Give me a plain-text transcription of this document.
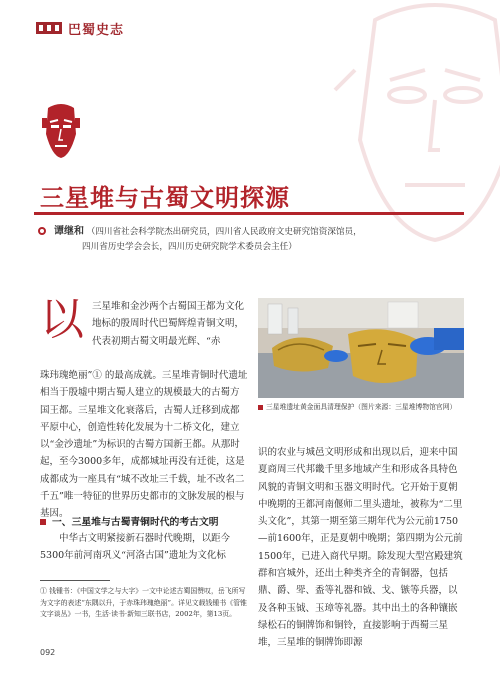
巴蜀史志
三星堆与古蜀文明探源
谭继和 （四川省社会科学院杰出研究员，四川省人民政府文史研究馆资深馆员，
四川省历史学会会长，四川历史研究院学术委员会主任）
三星堆遗址黄金面具清理保护（图片来源：三星堆博物馆官网）
以 三星堆和金沙两个古蜀国王都为文化地标的殷周时代巴蜀辉煌青铜文明，代表初期古蜀文明最光辉、“赤

珠玮瑰绝丽”① 的最高成就。三星堆青铜时代遗址相当于殷墟中期古蜀人建立的规模最大的古蜀方国王都。三星堆文化衰落后，古蜀人迁移到成都平原中心，创造性转化发展为十二桥文化，建立以“金沙遗址”为标识的古蜀方国新王都。从那时起，至今3000多年，成都城址再没有迁徙，这是成都成为一座具有“城不改址三千载，址不改名二千五”唯一特征的世界历史都市的文脉发展的根与基因。

一、三星堆与古蜀青铜时代的考古文明

中华古文明紧接新石器时代晚期，以距今5300年前河南巩义“河洛古国”遗址为文化标

识的农业与城邑文明形成和出现以后，迎来中国夏商周三代邦畿千里多地域产生和形成各具特色风貌的青铜文明和玉器文明时代。它开始于夏朝中晚期的王都河南偃师二里头遗址，被称为“二里头文化”，其第一期至第三期年代为公元前1750—前1600年，正是夏朝中晚期；第四期为公元前1500年，已进入商代早期。除发现大型宫殿建筑群和宫城外，还出土种类齐全的青铜器，包括鼎、爵、斝、盉等礼器和钺、戈、镞等兵器，以及各种玉钺、玉璋等礼器。其中出土的各种镶嵌绿松石的铜牌饰和铜铃，直接影响于西蜀三星堆，三星堆的铜牌饰即源

① 钱锺书：《中国文学之与大字》一文中论述古蜀国赞叹，岳飞所写为文字的表述“东隅以升，于赤珠玮瑰绝丽”。详见文载钱锺书《管锥文字谈丛》一书，生活·读书·新知三联书店，2002年，第13页。

092
